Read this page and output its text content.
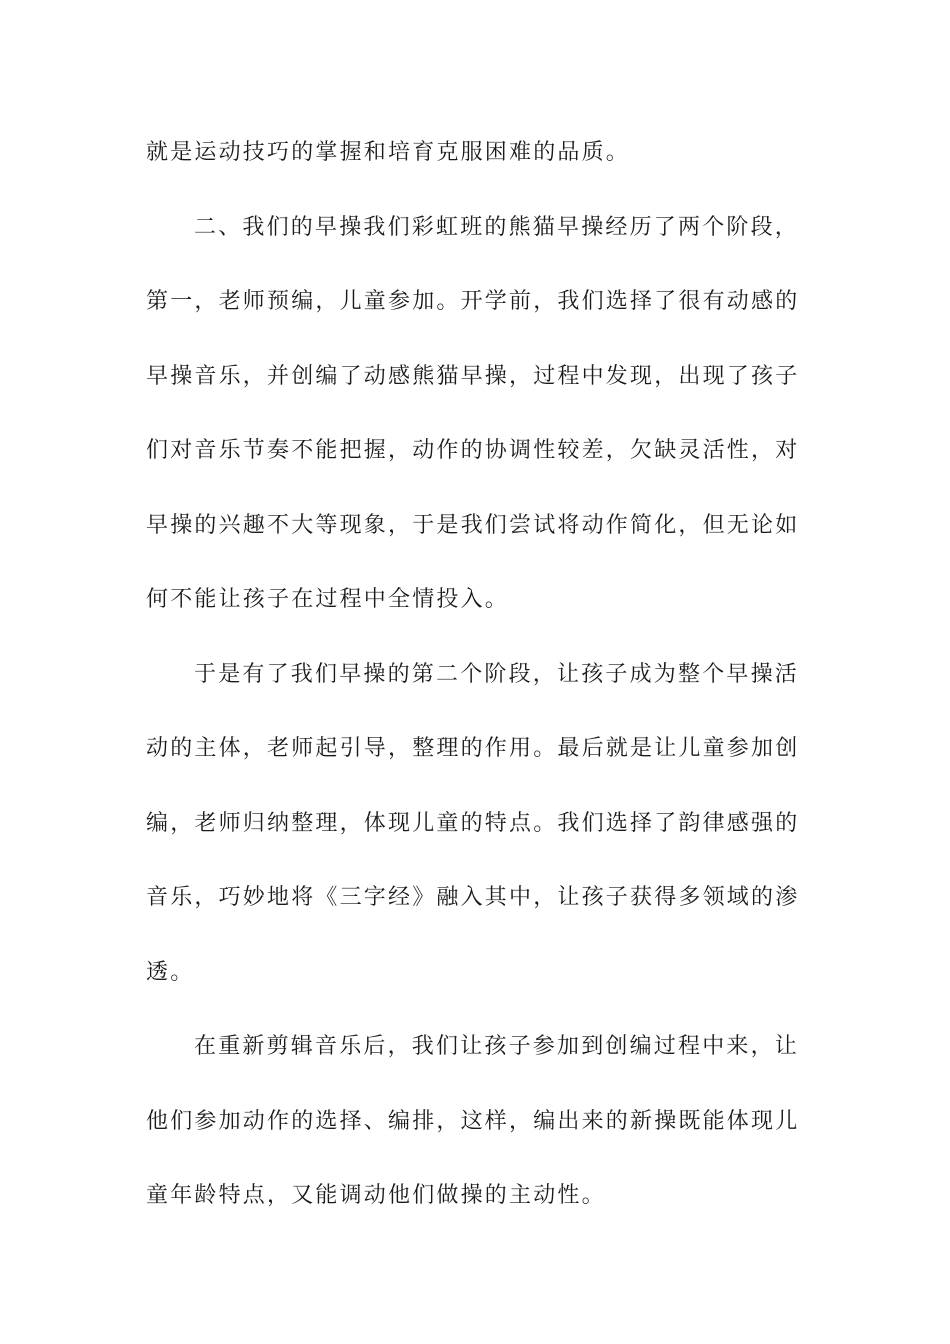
就是运动技巧的掌握和培育克服困难的品质。
二、我们的早操我们彩虹班的熊猫早操经历了两个阶段，
第一，老师预编，儿童参加。开学前，我们选择了很有动感的
早操音乐，并创编了动感熊猫早操，过程中发现，出现了孩子
们对音乐节奏不能把握，动作的协调性较差，欠缺灵活性，对
早操的兴趣不大等现象，于是我们尝试将动作简化，但无论如
何不能让孩子在过程中全情投入。
于是有了我们早操的第二个阶段，让孩子成为整个早操活
动的主体，老师起引导，整理的作用。最后就是让儿童参加创
编，老师归纳整理，体现儿童的特点。我们选择了韵律感强的
音乐，巧妙地将《三字经》融入其中，让孩子获得多领域的渗
透。
在重新剪辑音乐后，我们让孩子参加到创编过程中来，让
他们参加动作的选择、编排，这样，编出来的新操既能体现儿
童年龄特点，又能调动他们做操的主动性。
